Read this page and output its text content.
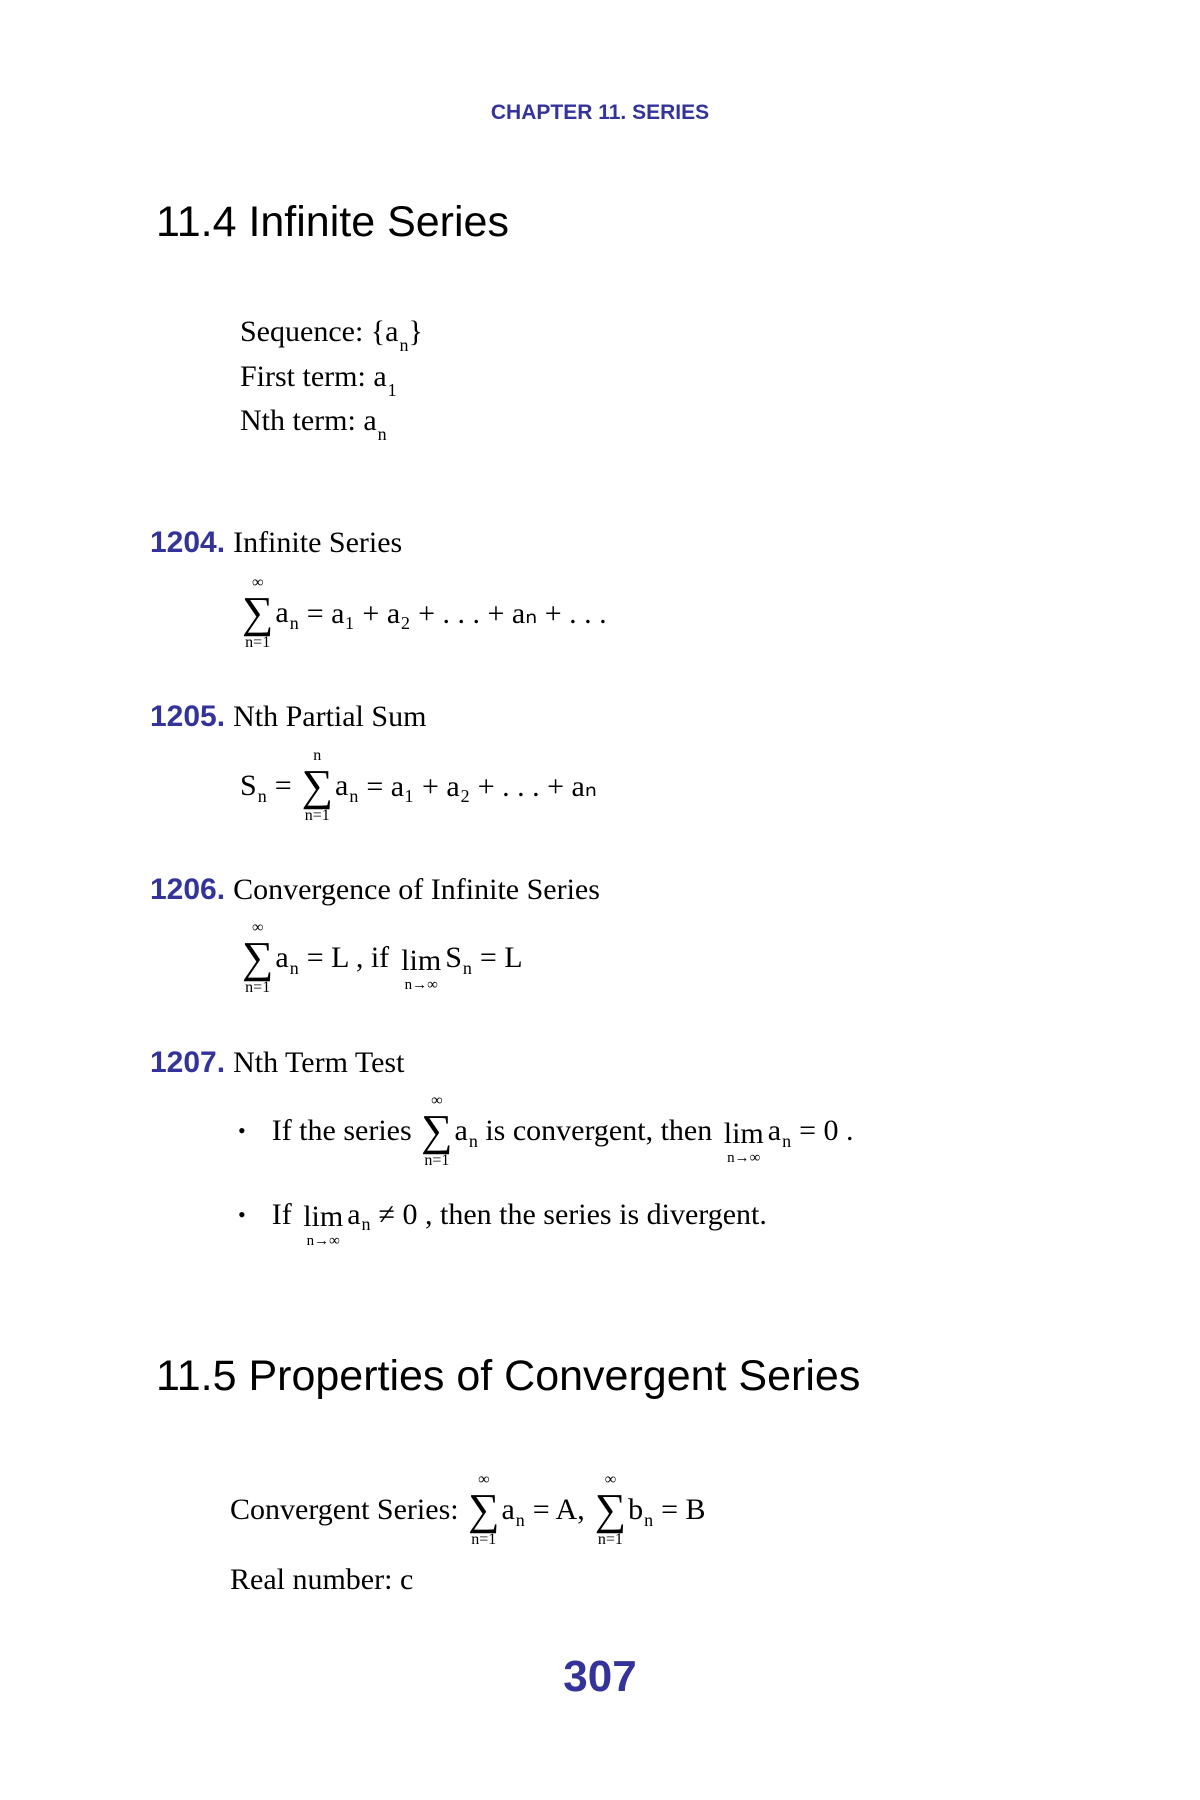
CHAPTER 11. SERIES
11.4 Infinite Series
Sequence: $\{a_n\}$
First term: $a_1$
Nth term: $a_n$
1204. Infinite Series
∞
∑
n=1
a n = a₁ + a₂ + . . . + aₙ + . . .
1205. Nth Partial Sum
S n =
n
∑
n=1
a n = a₁ + a₂ + . . . + aₙ
1206. Convergence of Infinite Series
∞
∑
n=1
a n = L , if lim
n→∞
S n = L
1207. Nth Term Test
• If the series

∞
∑
n=1
a n
is convergent, then
lim
n→∞
a n = 0 .
• If
lim
n→∞
a n ≠ 0 , then the series is divergent.
11.5 Properties of Convergent Series
Convergent Series:

∞
∑
n=1
a n = A,
∞
∑
n=1
b n = B
Real number: c
307
